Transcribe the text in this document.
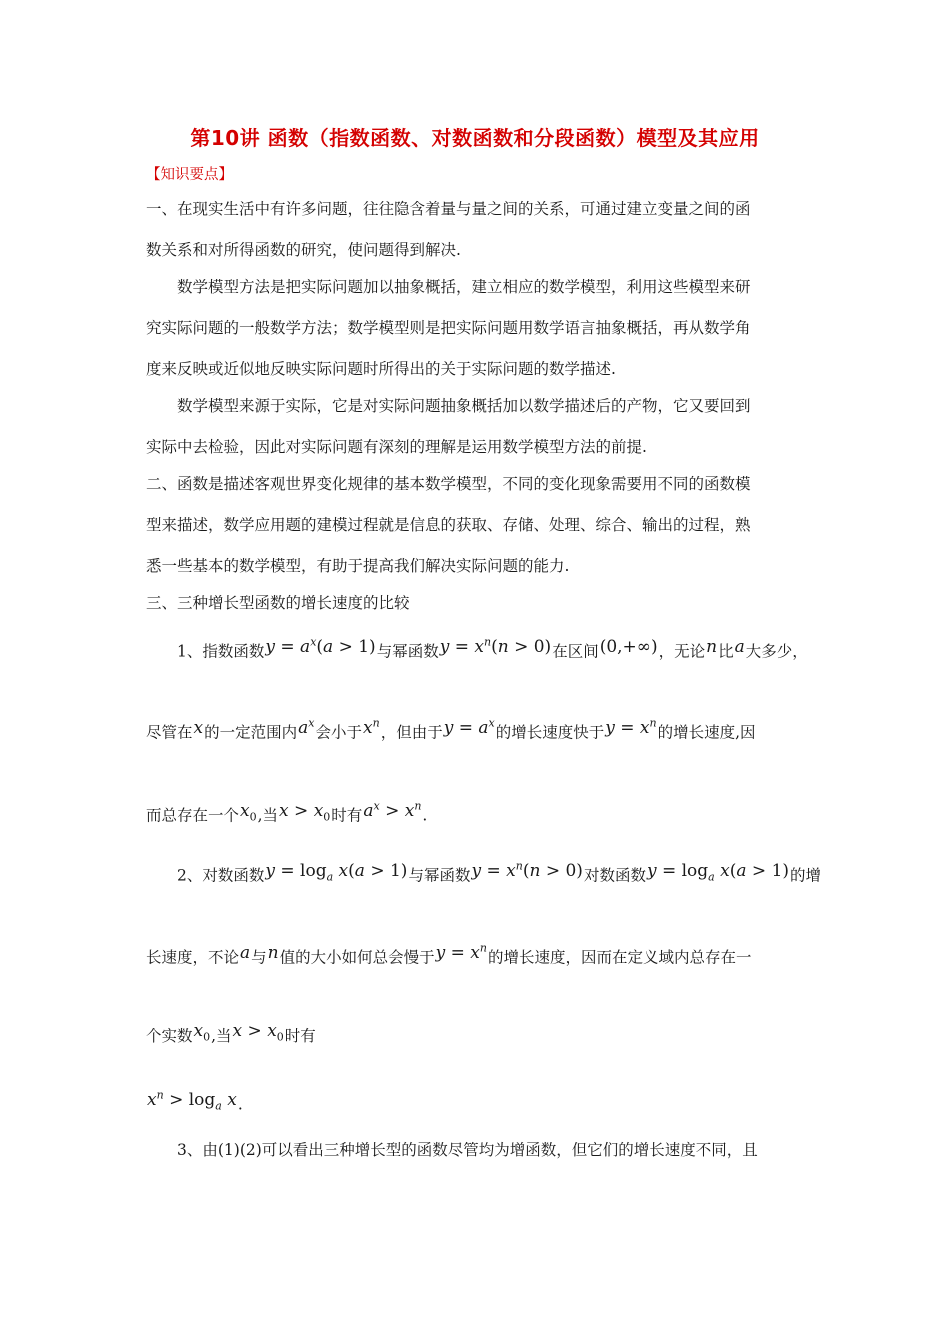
第10讲 函数（指数函数、对数函数和分段函数）模型及其应用
【知识要点】
一、在现实生活中有许多问题，往往隐含着量与量之间的关系，可通过建立变量之间的函
数关系和对所得函数的研究，使问题得到解决.
数学模型方法是把实际问题加以抽象概括，建立相应的数学模型，利用这些模型来研
究实际问题的一般数学方法；数学模型则是把实际问题用数学语言抽象概括，再从数学角
度来反映或近似地反映实际问题时所得出的关于实际问题的数学描述.
数学模型来源于实际，它是对实际问题抽象概括加以数学描述后的产物，它又要回到
实际中去检验，因此对实际问题有深刻的理解是运用数学模型方法的前提.
二、函数是描述客观世界变化规律的基本数学模型，不同的变化现象需要用不同的函数模
型来描述，数学应用题的建模过程就是信息的获取、存储、处理、综合、输出的过程，熟
悉一些基本的数学模型，有助于提高我们解决实际问题的能力.
三、三种增长型函数的增长速度的比较
1、指数函数$y = a^x(a > 1)$与幂函数$y = x^n(n > 0)$在区间(0,+∞)，无论n比a大多少，
尽管在x的一定范围内$a^x$会小于$x^n$，但由于$y = a^x$的增长速度快于$y = x^n$的增长速度,因
而总存在一个$x_0$,当$x > x_0$时有$a^x > x^n$.
2、对数函数$y = \log_a x(a > 1)$与幂函数$y = x^n(n > 0)$对数函数$y = \log_a x(a > 1)$的增
长速度，不论a与n值的大小如何总会慢于$y = x^n$的增长速度，因而在定义域内总存在一
个实数$x_0$,当$x > x_0$时有
$x^n > \log_a x$.
3、由(1)(2)可以看出三种增长型的函数尽管均为增函数，但它们的增长速度不同，且
